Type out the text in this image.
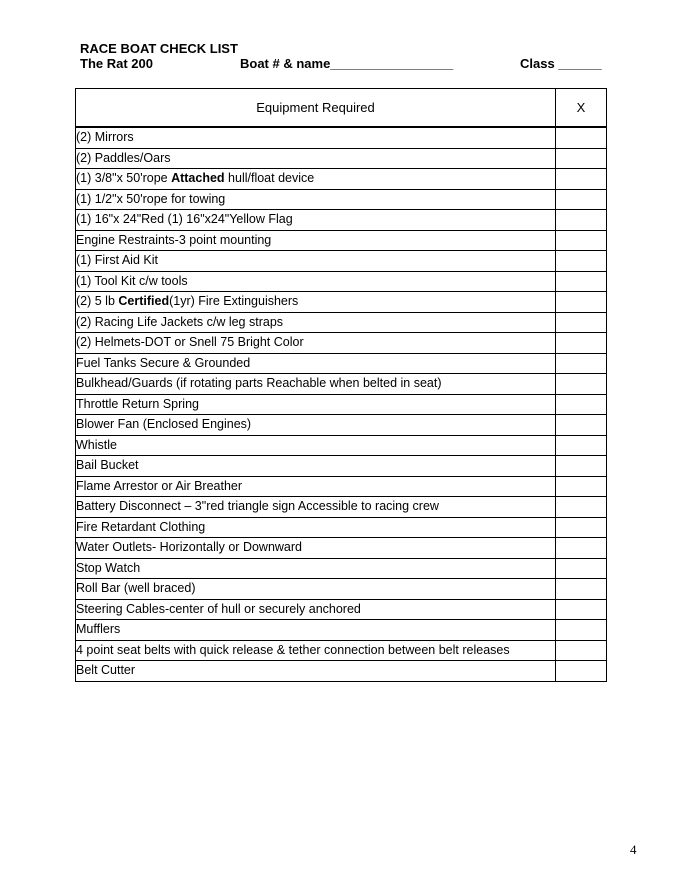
RACE BOAT CHECK LIST
The Rat 200	Boat # & name_________________	Class ______
Equipment Required	X
(2) Mirrors	
(2) Paddles/Oars	
(1) 3/8"x 50'rope Attached hull/float device	
(1) 1/2"x 50'rope for towing	
(1) 16"x 24"Red (1) 16"x24"Yellow Flag	
Engine Restraints-3 point mounting	
(1) First Aid Kit	
(1) Tool Kit c/w tools	
(2) 5 lb Certified(1yr) Fire Extinguishers	
(2) Racing Life Jackets c/w leg straps	
(2) Helmets-DOT or Snell 75 Bright Color	
Fuel Tanks Secure & Grounded	
Bulkhead/Guards (if rotating parts Reachable when belted in seat)	
Throttle Return Spring	
Blower Fan (Enclosed Engines)	
Whistle	
Bail Bucket	
Flame Arrestor or Air Breather	
Battery Disconnect – 3"red triangle sign Accessible to racing crew	
Fire Retardant Clothing	
Water Outlets- Horizontally or Downward	
Stop Watch	
Roll Bar (well braced)	
Steering Cables-center of hull or securely anchored	
Mufflers	
4 point seat belts with quick release & tether connection between belt releases	
Belt Cutter	
4
